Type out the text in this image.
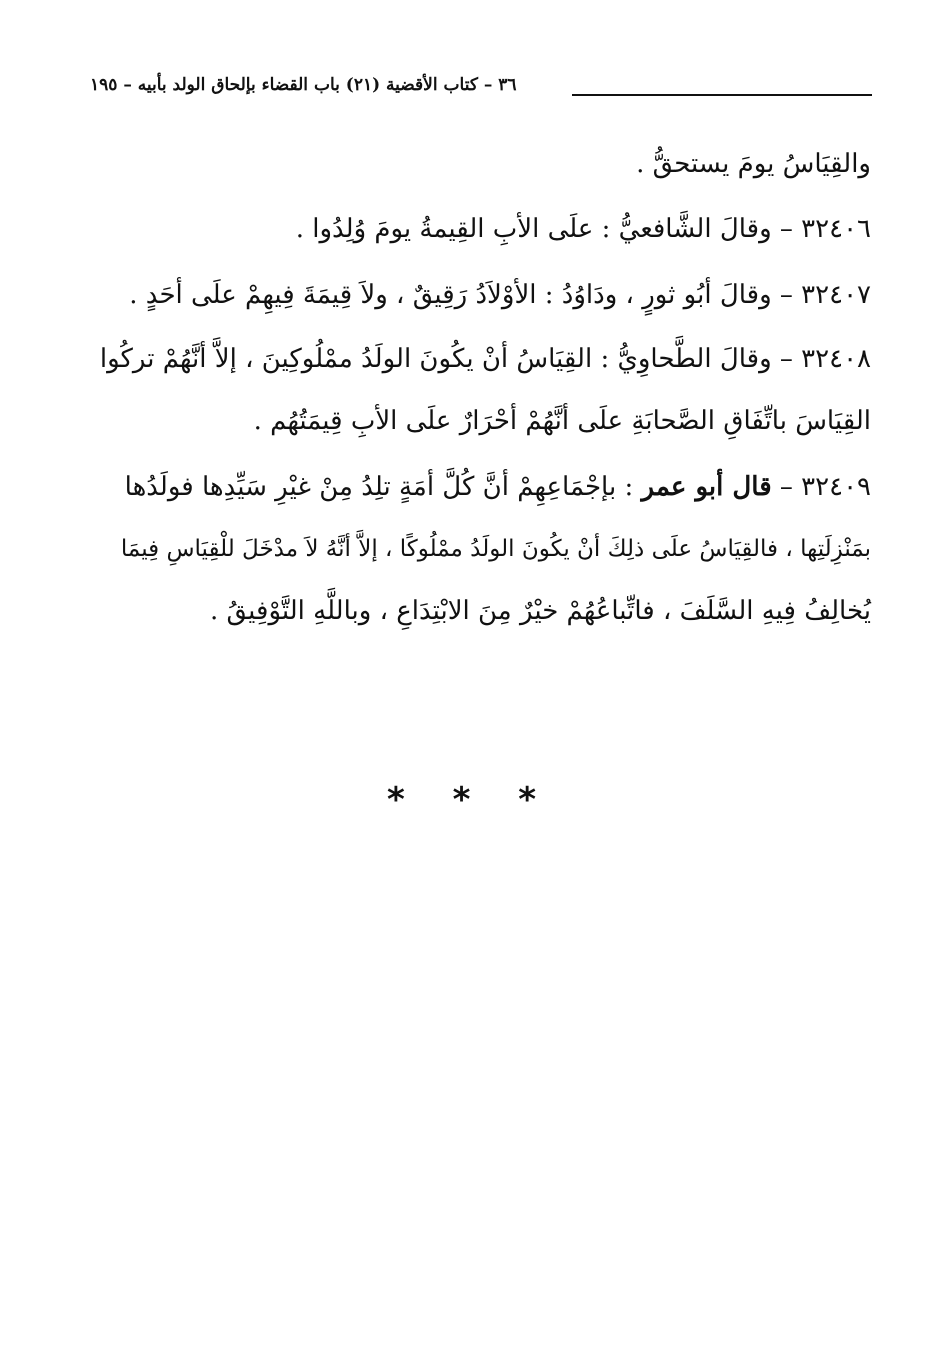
٣٦ – كتاب الأقضية (٢١) باب القضاء بإلحاق الولد بأبيه – ١٩٥
والقِيَاسُ يومَ يستحقُّ .
٣٢٤٠٦ – وقالَ الشَّافعيُّ : علَى الأبِ القِيمةُ يومَ وُلِدُوا .
٣٢٤٠٧ – وقالَ أبُو ثورٍ ، ودَاوُدُ : الأوْلاَدُ رَقِيقٌ ، ولاَ قِيمَةَ فِيهِمْ علَى أحَدٍ .
٣٢٤٠٨ – وقالَ الطَّحاوِيُّ : القِيَاسُ أنْ يكُونَ الولَدُ ممْلُوكِينَ ، إلاَّ أنَّهُمْ تركُوا
القِيَاسَ باتِّفَاقِ الصَّحابَةِ علَى أنَّهُمْ أحْرَارٌ علَى الأبِ قِيمَتُهُم .
٣٢٤٠٩ – قال أبو عمر : بإجْمَاعِهِمْ أنَّ كُلَّ أمَةٍ تلِدُ مِنْ غيْرِ سَيِّدِها فولَدُها
بمَنْزِلَتِها ، فالقِيَاسُ علَى ذلِكَ أنْ يكُونَ الولَدُ ممْلُوكًا ، إلاَّ أنَّهُ لاَ مدْخَلَ للْقِيَاسِ فِيمَا
يُخالِفُ فِيهِ السَّلَفَ ، فاتِّباعُهُمْ خيْرٌ مِنَ الابْتِدَاعِ ، وباللَّهِ التَّوْفِيقُ .
* * *
